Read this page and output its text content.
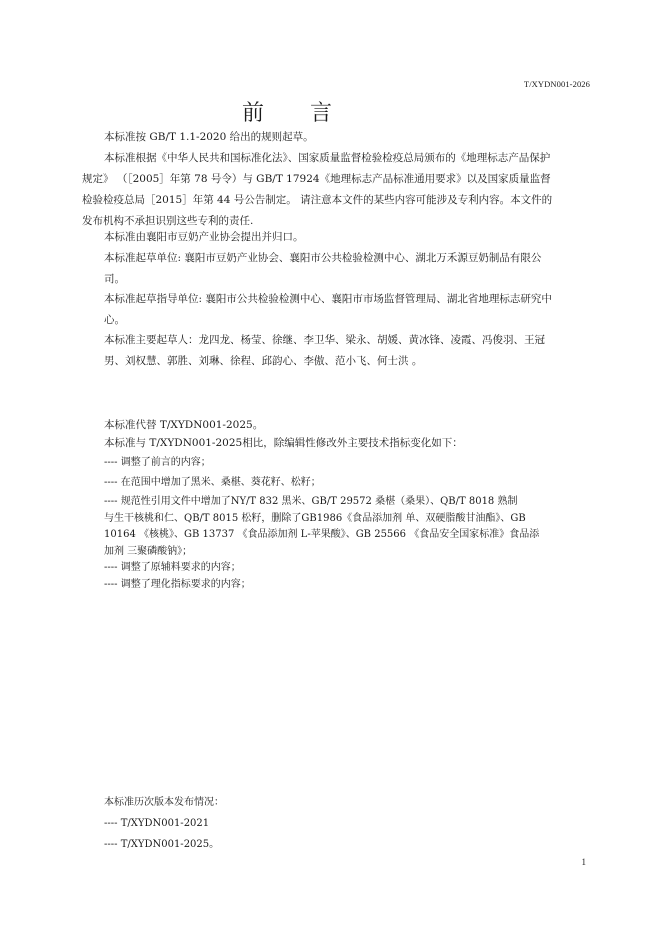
T/XYDN001-2026
前言
本标准按 GB/T 1.1-2020 给出的规则起草。
本标准根据《中华人民共和国标准化法》、国家质量监督检验检疫总局颁布的《地理标志产品保护
规定》 （［2005］年第 78 号令）与 GB/T 17924《地理标志产品标准通用要求》以及国家质量监督
检验检疫总局［2015］年第 44 号公告制定。 请注意本文件的某些内容可能涉及专利内容。本文件的
发布机构不承担识别这些专利的责任.
本标准由襄阳市豆奶产业协会提出并归口。
本标准起草单位: 襄阳市豆奶产业协会、襄阳市公共检验检测中心、湖北万禾源豆奶制品有限公
司。
本标准起草指导单位: 襄阳市公共检验检测中心、襄阳市市场监督管理局、湖北省地理标志研究中
心。
本标准主要起草人：龙四龙、杨莹、徐继、李卫华、梁永、胡媛、黄冰锋、凌霞、冯俊羽、王冠
男、刘权慧、郭胜、刘琳、徐程、邱韵心、李傲、范小飞、何士洪 。
本标准代替 T/XYDN001-2025。
本标准与 T/XYDN001-2025相比，除编辑性修改外主要技术指标变化如下：
---- 调整了前言的内容；
---- 在范围中增加了黑米、桑椹、葵花籽、松籽；
---- 规范性引用文件中增加了NY/T 832 黑米、GB/T 29572 桑椹（桑果）、QB/T 8018 熟制
与生干核桃和仁、QB/T 8015 松籽，删除了GB1986《食品添加剂 单、双硬脂酸甘油酯》、GB
10164 《核桃》、GB 13737 《食品添加剂 L-苹果酸》、GB 25566 《食品安全国家标准》食品添
加剂 三聚磷酸钠》；
---- 调整了原辅料要求的内容；
---- 调整了理化指标要求的内容；
本标准历次版本发布情况：
---- T/XYDN001-2021
---- T/XYDN001-2025。
1
